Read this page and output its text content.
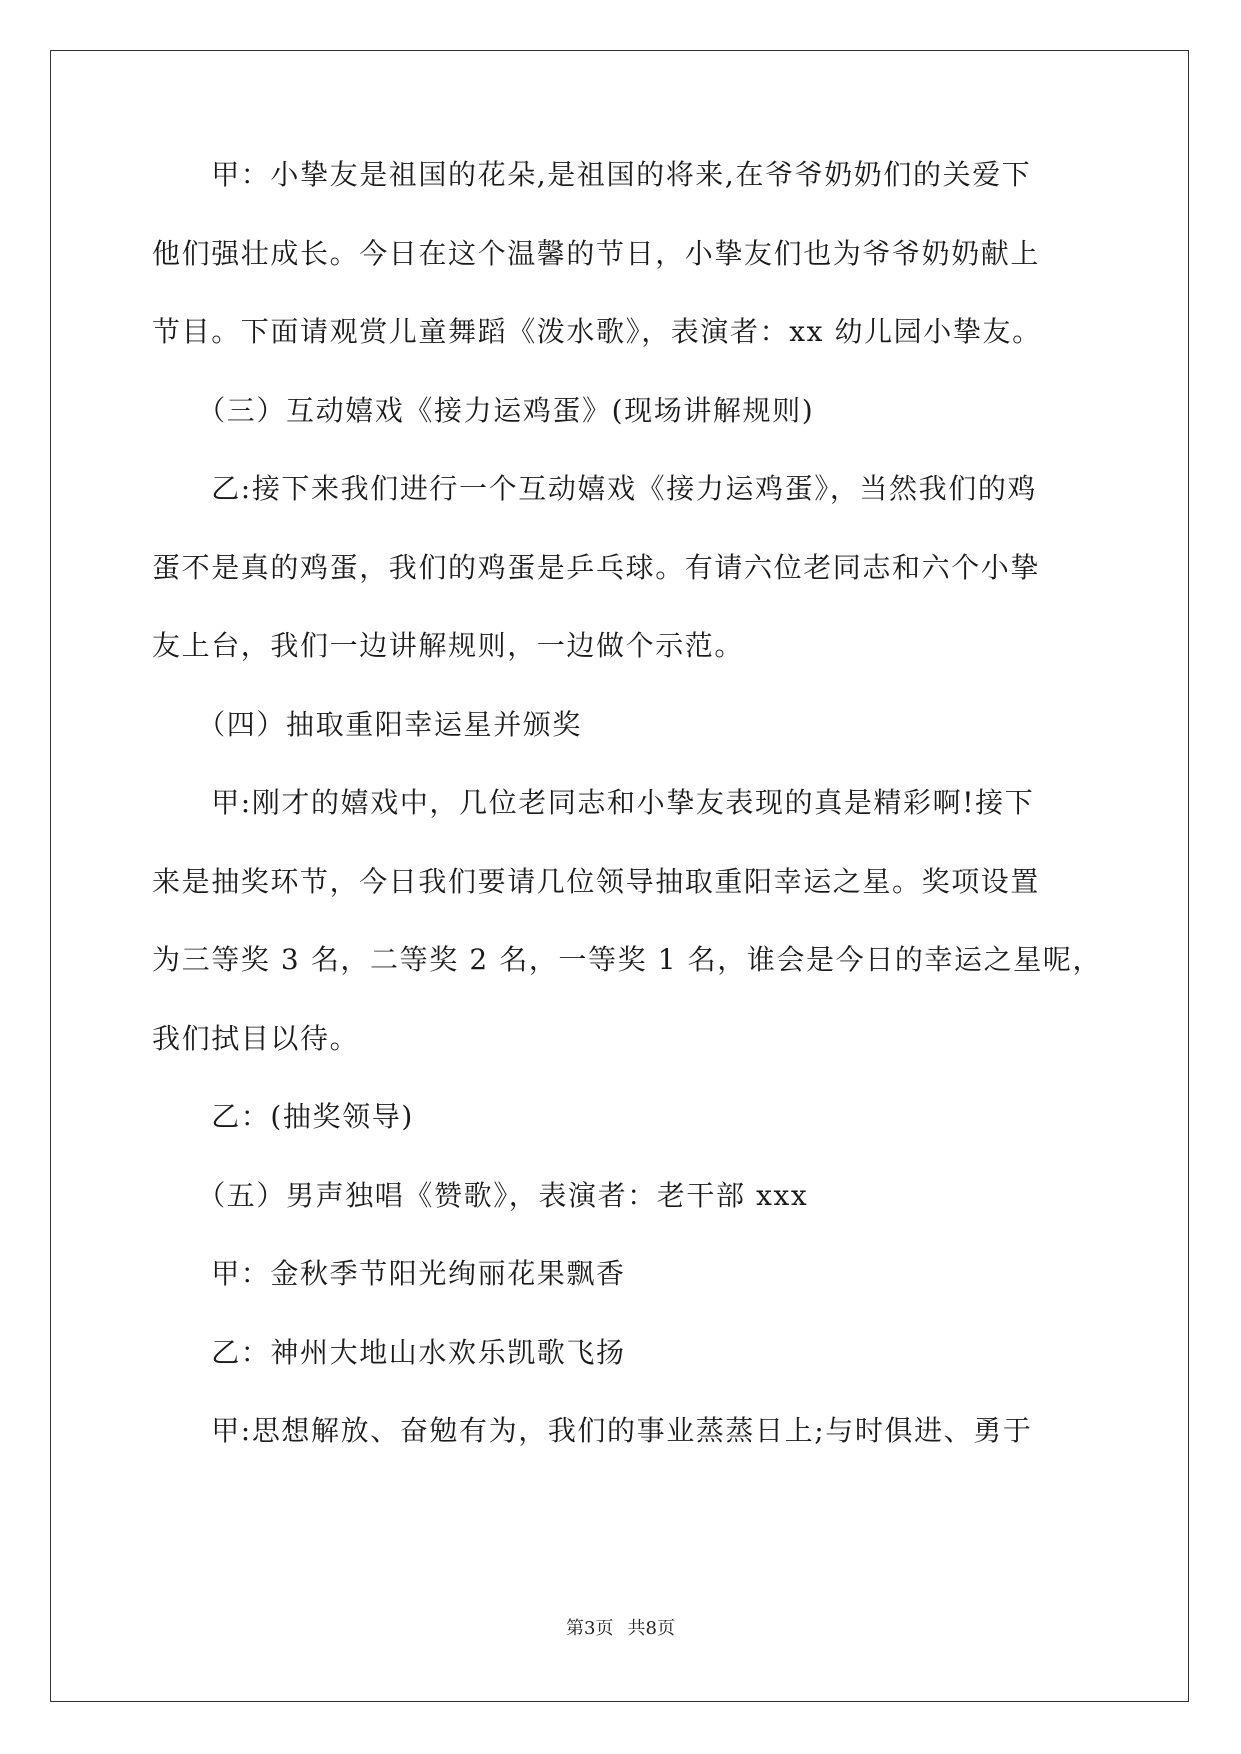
　　甲：小挚友是祖国的花朵,是祖国的将来,在爷爷奶奶们的关爱下
他们强壮成长。今日在这个温馨的节日，小挚友们也为爷爷奶奶献上
节目。下面请观赏儿童舞蹈《泼水歌》，表演者：xx 幼儿园小挚友。
　　（三）互动嬉戏《接力运鸡蛋》(现场讲解规则)
　　乙:接下来我们进行一个互动嬉戏《接力运鸡蛋》，当然我们的鸡
蛋不是真的鸡蛋，我们的鸡蛋是乒乓球。有请六位老同志和六个小挚
友上台，我们一边讲解规则，一边做个示范。
　　（四）抽取重阳幸运星并颁奖
　　甲:刚才的嬉戏中，几位老同志和小挚友表现的真是精彩啊!接下
来是抽奖环节，今日我们要请几位领导抽取重阳幸运之星。奖项设置
为三等奖 3 名，二等奖 2 名，一等奖 1 名，谁会是今日的幸运之星呢，
我们拭目以待。
　　乙：(抽奖领导)
　　（五）男声独唱《赞歌》，表演者：老干部 xxx
　　甲：金秋季节阳光绚丽花果飘香
　　乙：神州大地山水欢乐凯歌飞扬
　　甲:思想解放、奋勉有为，我们的事业蒸蒸日上;与时俱进、勇于
第3页 共8页
